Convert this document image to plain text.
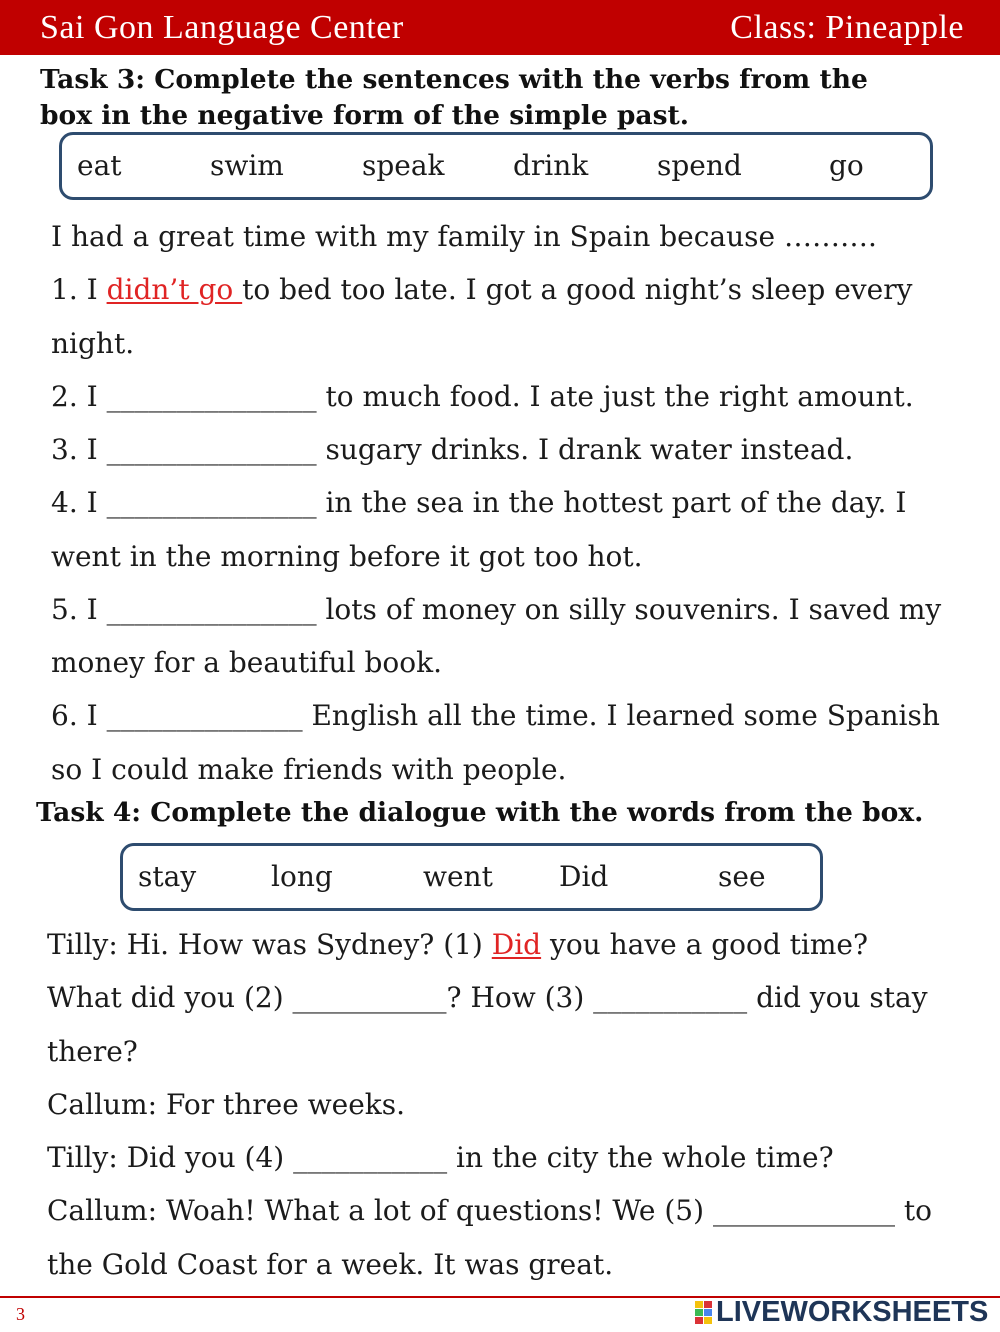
Sai Gon Language Center	Class: Pineapple
Task 3: Complete the sentences with the verbs from the
box in the negative form of the simple past.
eat	swim	speak drink spend	go
I had a great time with my family in Spain because ……….
1. I didn’t go to bed too late. I got a good night’s sleep every
night.
2. I _______________ to much food. I ate just the right amount.
3. I _______________ sugary drinks. I drank water instead.
4. I _______________ in the sea in the hottest part of the day. I
went in the morning before it got too hot.
5. I _______________ lots of money on silly souvenirs. I saved my
money for a beautiful book.
6. I ______________ English all the time. I learned some Spanish
so I could make friends with people.
Task 4: Complete the dialogue with the words from the box.
stay	long	went Did	see
Tilly: Hi. How was Sydney? (1) Did you have a good time?
What did you (2) ___________? How (3) ___________ did you stay
there?
Callum: For three weeks.
Tilly: Did you (4) ___________ in the city the whole time?
Callum: Woah! What a lot of questions! We (5) _____________ to
the Gold Coast for a week. It was great.
3	LIVEWORKSHEETS
